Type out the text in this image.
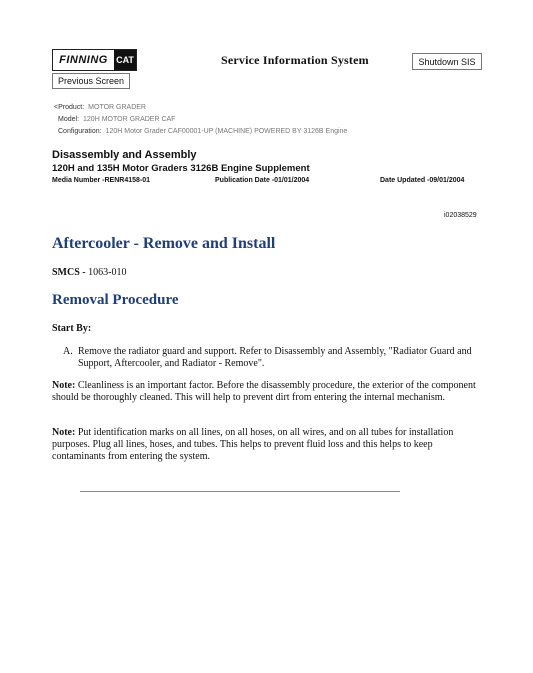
FINNING CAT
Previous Screen
Service Information System	Shutdown SIS
<Product: MOTOR GRADER
Model: 120H MOTOR GRADER CAF
Configuration: 120H Motor Grader CAF00001-UP (MACHINE) POWERED BY 3126B Engine
Disassembly and Assembly
120H and 135H Motor Graders 3126B Engine Supplement
Media Number -RENR4158-01	Publication Date -01/01/2004	Date Updated -09/01/2004
i02038529
Aftercooler - Remove and Install
SMCS - 1063-010
Removal Procedure
Start By:
A. Remove the radiator guard and support. Refer to Disassembly and Assembly, "Radiator Guard and Support, Aftercooler, and Radiator - Remove".
Note: Cleanliness is an important factor. Before the disassembly procedure, the exterior of the component should be thoroughly cleaned. This will help to prevent dirt from entering the internal mechanism.
Note: Put identification marks on all lines, on all hoses, on all wires, and on all tubes for installation purposes. Plug all lines, hoses, and tubes. This helps to prevent fluid loss and this helps to keep contaminants from entering the system.
